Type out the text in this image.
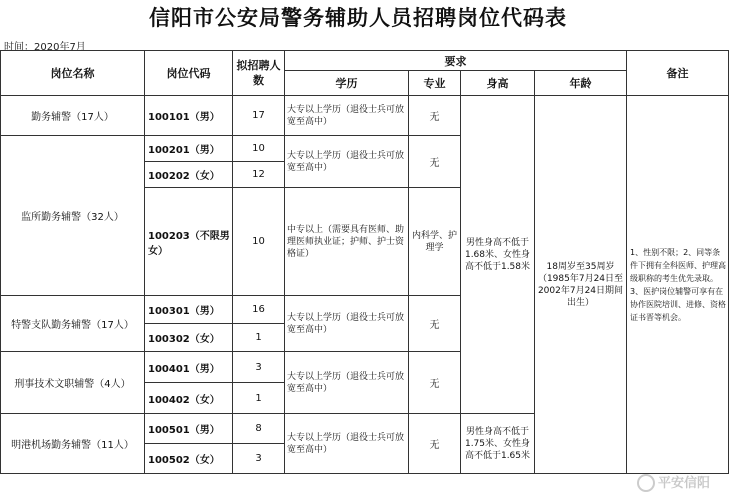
信阳市公安局警务辅助人员招聘岗位代码表
时间：2020年7月
岗位名称	岗位代码	拟招聘人数	要求				备注
			学历	专业	身高	年龄	
勤务辅警（17人）	100101（男）	17	大专以上学历（退役士兵可放宽至高中）	无	男性身高不低于1.68米、女性身高不低于1.58米	18周岁至35周岁（1985年7月24日至2002年7月24日期间出生）	1、性别不限；2、同等条件下拥有全科医师、护理高级职称的考生优先录取。3、医护岗位辅警可享有在协作医院培训、进修、资格证书晋等机会。
监所勤务辅警（32人）	100201（男）	10	大专以上学历（退役士兵可放宽至高中）	无			
	100202（女）	12					
	100203（不限男女）	10	中专以上（需要具有医师、助理医师执业证；护师、护士资格证）	内科学、护理学			
特警支队勤务辅警（17人）	100301（男）	16	大专以上学历（退役士兵可放宽至高中）	无			
	100302（女）	1					
刑事技术文职辅警（4人）	100401（男）	3	大专以上学历（退役士兵可放宽至高中）	无			
	100402（女）	1					
明港机场勤务辅警（11人）	100501（男）	8	大专以上学历（退役士兵可放宽至高中）	无	男性身高不低于1.75米、女性身高不低于1.65米		
	100502（女）	3					
平安信阳
